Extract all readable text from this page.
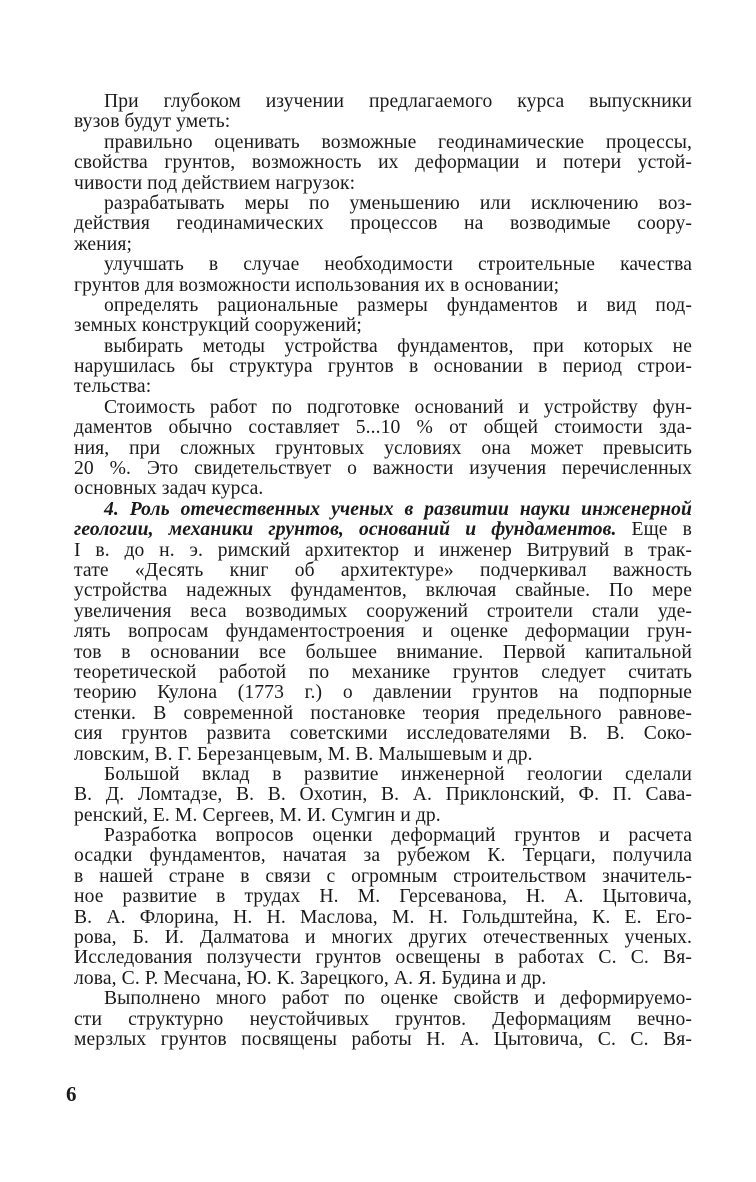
При глубоком изучении предлагаемого курса выпускники
вузов будут уметь:
правильно оценивать возможные геодинамические процессы,
свойства грунтов, возможность их деформации и потери устой-
чивости под действием нагрузок:
разрабатывать меры по уменьшению или исключению воз-
действия геодинамических процессов на возводимые соору-
жения;
улучшать в случае необходимости строительные качества
грунтов для возможности использования их в основании;
определять рациональные размеры фундаментов и вид под-
земных конструкций сооружений;
выбирать методы устройства фундаментов, при которых не
нарушилась бы структура грунтов в основании в период строи-
тельства:
Стоимость работ по подготовке оснований и устройству фун-
даментов обычно составляет 5...10 % от общей стоимости зда-
ния, при сложных грунтовых условиях она может превысить
20 %. Это свидетельствует о важности изучения перечисленных
основных задач курса.
4. Роль отечественных ученых в развитии науки инженерной
геологии, механики грунтов, оснований и фундаментов. Еще в
I в. до н. э. римский архитектор и инженер Витрувий в трак-
тате «Десять книг об архитектуре» подчеркивал важность
устройства надежных фундаментов, включая свайные. По мере
увеличения веса возводимых сооружений строители стали уде-
лять вопросам фундаментостроения и оценке деформации грун-
тов в основании все большее внимание. Первой капитальной
теоретической работой по механике грунтов следует считать
теорию Кулона (1773 г.) о давлении грунтов на подпорные
стенки. В современной постановке теория предельного равнове-
сия грунтов развита советскими исследователями В. В. Соко-
ловским, В. Г. Березанцевым, М. В. Малышевым и др.
Большой вклад в развитие инженерной геологии сделали
В. Д. Ломтадзе, В. В. Охотин, В. А. Приклонский, Ф. П. Сава-
ренский, Е. М. Сергеев, М. И. Сумгин и др.
Разработка вопросов оценки деформаций грунтов и расчета
осадки фундаментов, начатая за рубежом К. Терцаги, получила
в нашей стране в связи с огромным строительством значитель-
ное развитие в трудах Н. М. Герсеванова, Н. А. Цытовича,
В. А. Флорина, Н. Н. Маслова, М. Н. Гольдштейна, К. Е. Его-
рова, Б. И. Далматова и многих других отечественных ученых.
Исследования ползучести грунтов освещены в работах С. С. Вя-
лова, С. Р. Месчана, Ю. К. Зарецкого, А. Я. Будина и др.
Выполнено много работ по оценке свойств и деформируемо-
сти структурно неустойчивых грунтов. Деформациям вечно-
мерзлых грунтов посвящены работы Н. А. Цытовича, С. С. Вя-
6
